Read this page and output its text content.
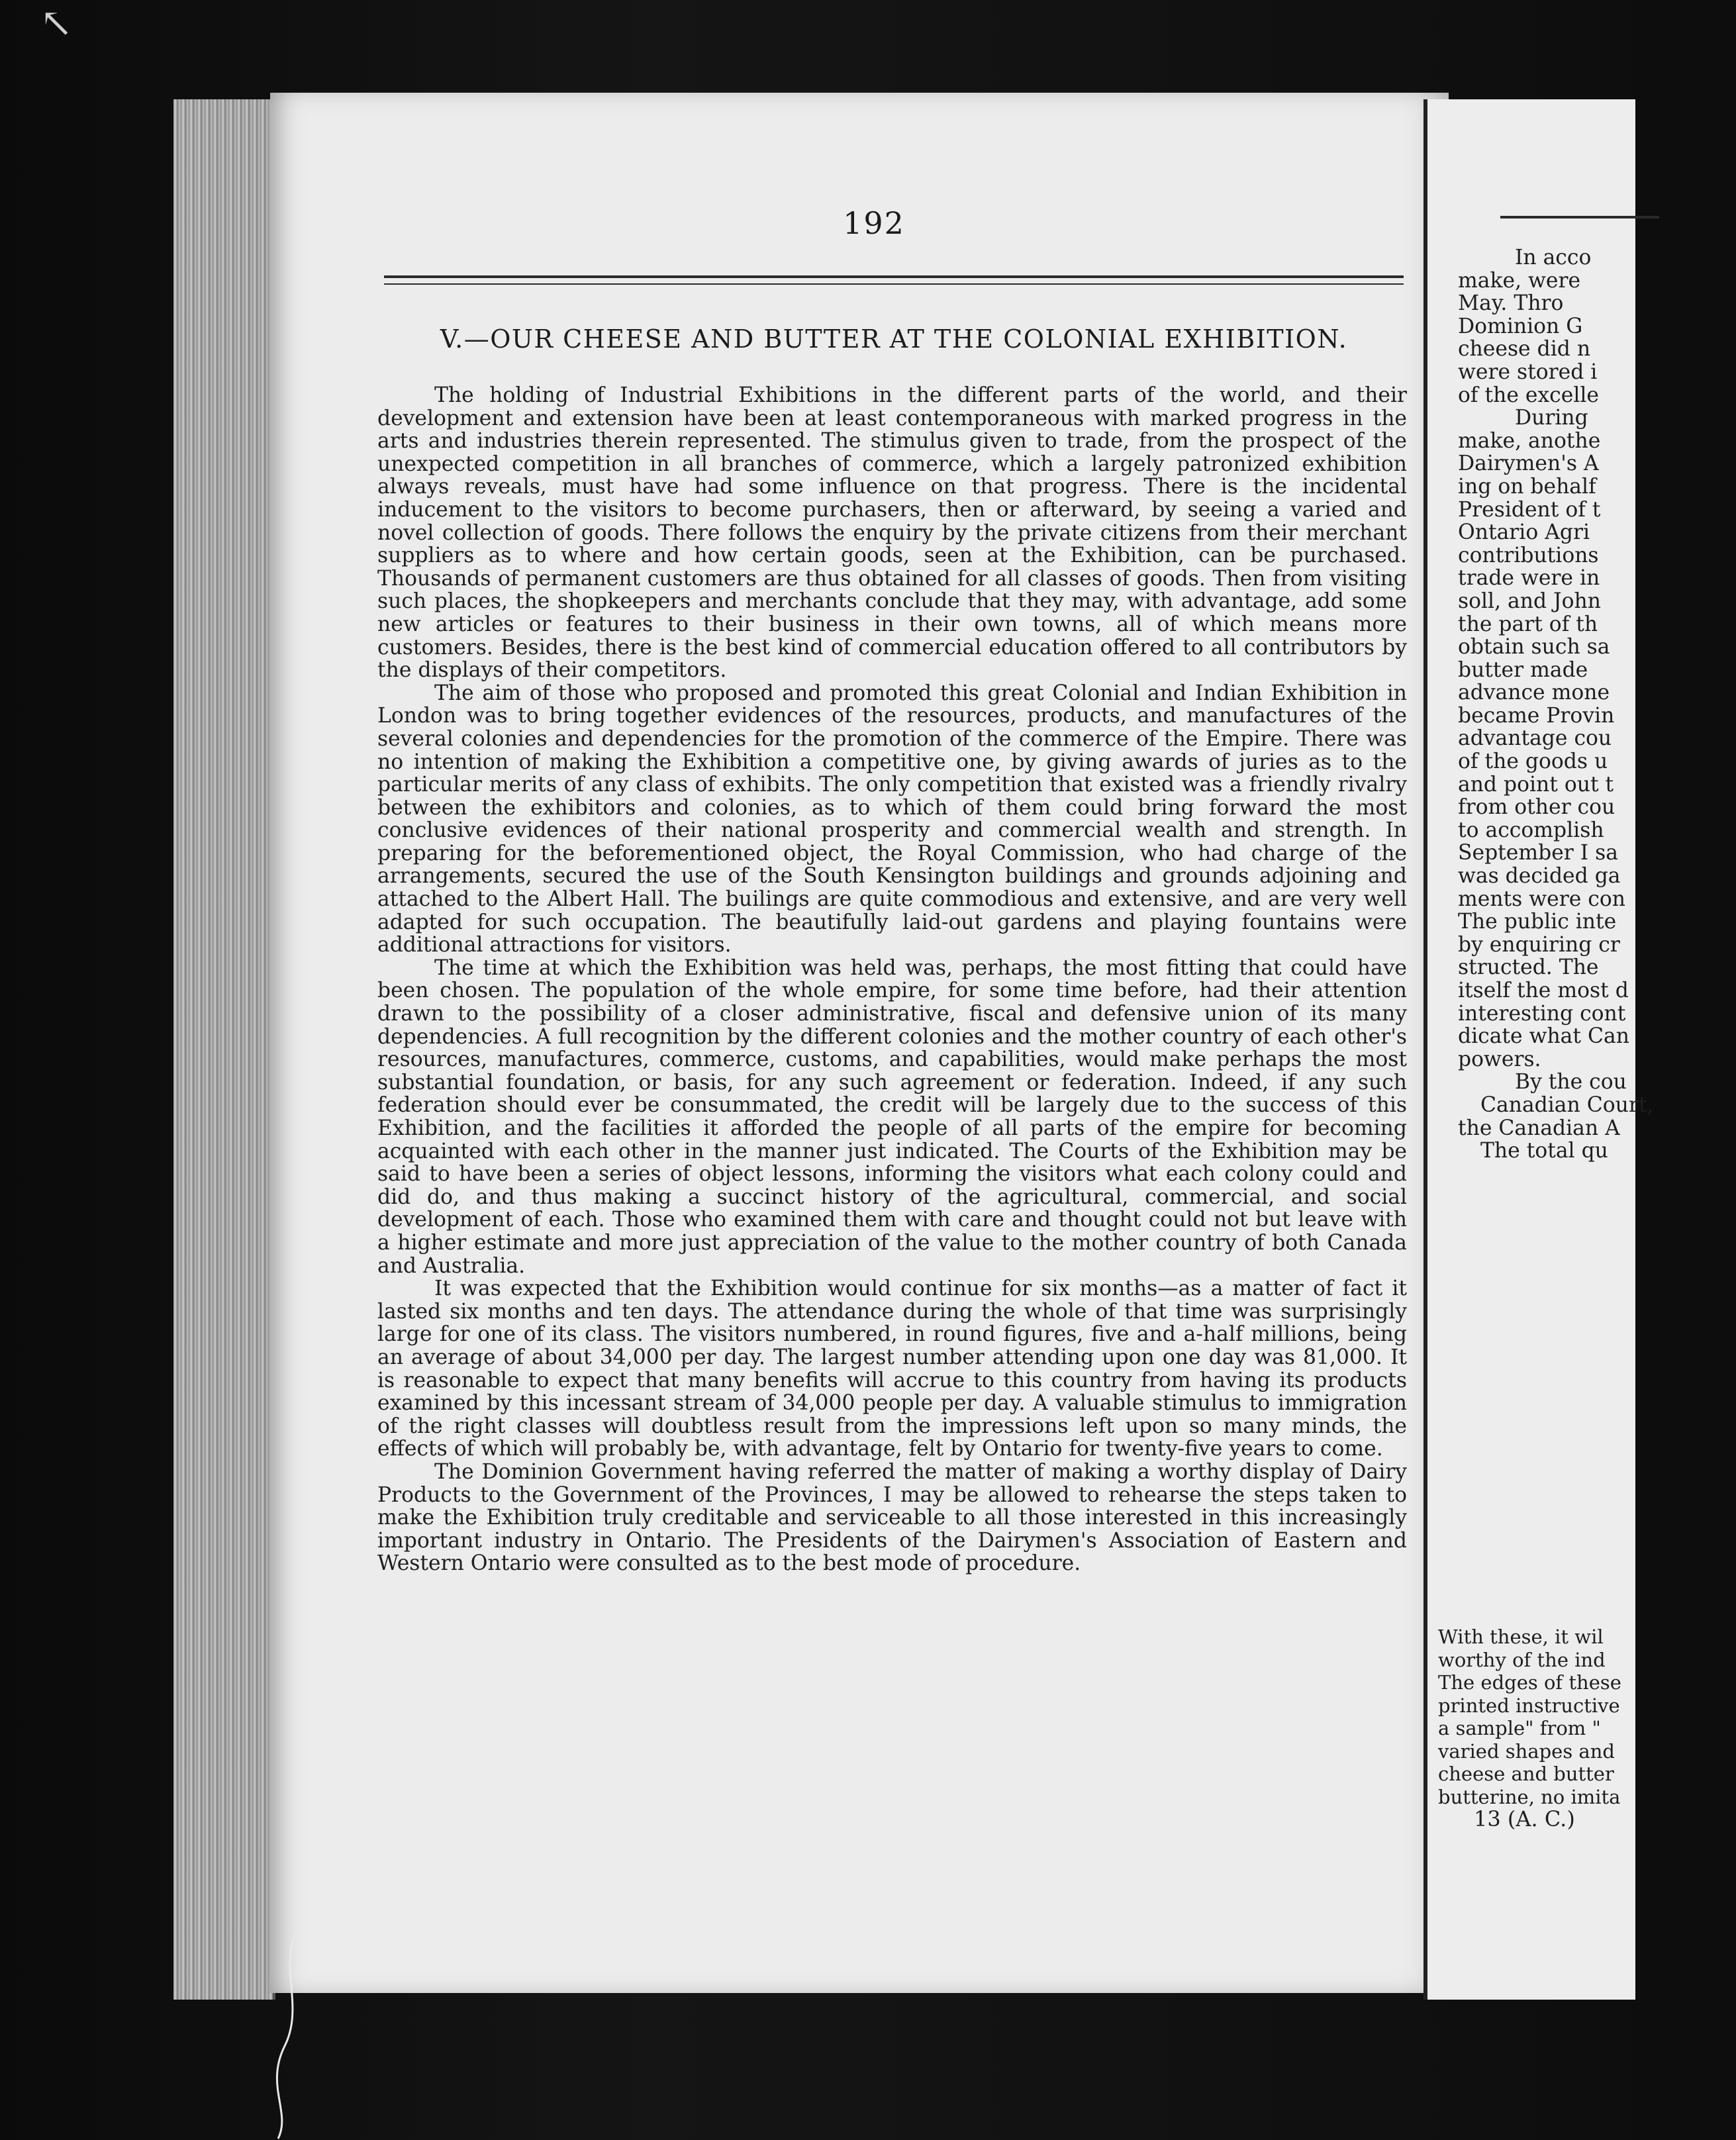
↖
192
V.—OUR CHEESE AND BUTTER AT THE COLONIAL EXHIBITION.

The holding of Industrial Exhibitions in the different parts of the world, and their development and extension have been at least contemporaneous with marked progress in the arts and industries therein represented. The stimulus given to trade, from the prospect of the unexpected competition in all branches of commerce, which a largely patronized exhibition always reveals, must have had some influence on that progress. There is the incidental inducement to the visitors to become purchasers, then or afterward, by seeing a varied and novel collection of goods. There follows the enquiry by the private citizens from their merchant suppliers as to where and how certain goods, seen at the Exhibition, can be purchased. Thousands of permanent customers are thus obtained for all classes of goods. Then from visiting such places, the shopkeepers and merchants conclude that they may, with advantage, add some new articles or features to their business in their own towns, all of which means more customers. Besides, there is the best kind of commercial education offered to all contributors by the displays of their competitors.

The aim of those who proposed and promoted this great Colonial and Indian Exhibition in London was to bring together evidences of the resources, products, and manufactures of the several colonies and dependencies for the promotion of the commerce of the Empire. There was no intention of making the Exhibition a competitive one, by giving awards of juries as to the particular merits of any class of exhibits. The only competition that existed was a friendly rivalry between the exhibitors and colonies, as to which of them could bring forward the most conclusive evidences of their national prosperity and commercial wealth and strength. In preparing for the beforementioned object, the Royal Commission, who had charge of the arrangements, secured the use of the South Kensington buildings and grounds adjoining and attached to the Albert Hall. The builings are quite commodious and extensive, and are very well adapted for such occupation. The beautifully laid-out gardens and playing fountains were additional attractions for visitors.

The time at which the Exhibition was held was, perhaps, the most fitting that could have been chosen. The population of the whole empire, for some time before, had their attention drawn to the possibility of a closer administrative, fiscal and defensive union of its many dependencies. A full recognition by the different colonies and the mother country of each other's resources, manufactures, commerce, customs, and capabilities, would make perhaps the most substantial foundation, or basis, for any such agreement or federation. Indeed, if any such federation should ever be consummated, the credit will be largely due to the success of this Exhibition, and the facilities it afforded the people of all parts of the empire for becoming acquainted with each other in the manner just indicated. The Courts of the Exhibition may be said to have been a series of object lessons, informing the visitors what each colony could and did do, and thus making a succinct history of the agricultural, commercial, and social development of each. Those who examined them with care and thought could not but leave with a higher estimate and more just appreciation of the value to the mother country of both Canada and Australia.

It was expected that the Exhibition would continue for six months—as a matter of fact it lasted six months and ten days. The attendance during the whole of that time was surprisingly large for one of its class. The visitors numbered, in round figures, five and a-half millions, being an average of about 34,000 per day. The largest number attending upon one day was 81,000. It is reasonable to expect that many benefits will accrue to this country from having its products examined by this incessant stream of 34,000 people per day. A valuable stimulus to immigration of the right classes will doubtless result from the impressions left upon so many minds, the effects of which will probably be, with advantage, felt by Ontario for twenty-five years to come.

The Dominion Government having referred the matter of making a worthy display of Dairy Products to the Government of the Provinces, I may be allowed to rehearse the steps taken to make the Exhibition truly creditable and serviceable to all those interested in this increasingly important industry in Ontario. The Presidents of the Dairymen's Association of Eastern and Western Ontario were consulted as to the best mode of procedure.

In acco
make, were
May. Thro
Dominion G
cheese did n
were stored i
of the excelle
During
make, anothe
Dairymen's A
ing on behalf
President of t
Ontario Agri
contributions
trade were in
soll, and John
the part of th
obtain such sa
butter made
advance mone
became Provin
advantage cou
of the goods u
and point out t
from other cou
to accomplish
September I sa
was decided ga
ments were con
The public inte
by enquiring cr
structed. The
itself the most d
interesting cont
dicate what Can
powers.
By the cou
Canadian Court,
the Canadian A
The total qu
With these, it wil
worthy of the ind
The edges of these
printed instructive
a sample" from "
varied shapes and
cheese and butter
butterine, no imita
13 (A. C.)
